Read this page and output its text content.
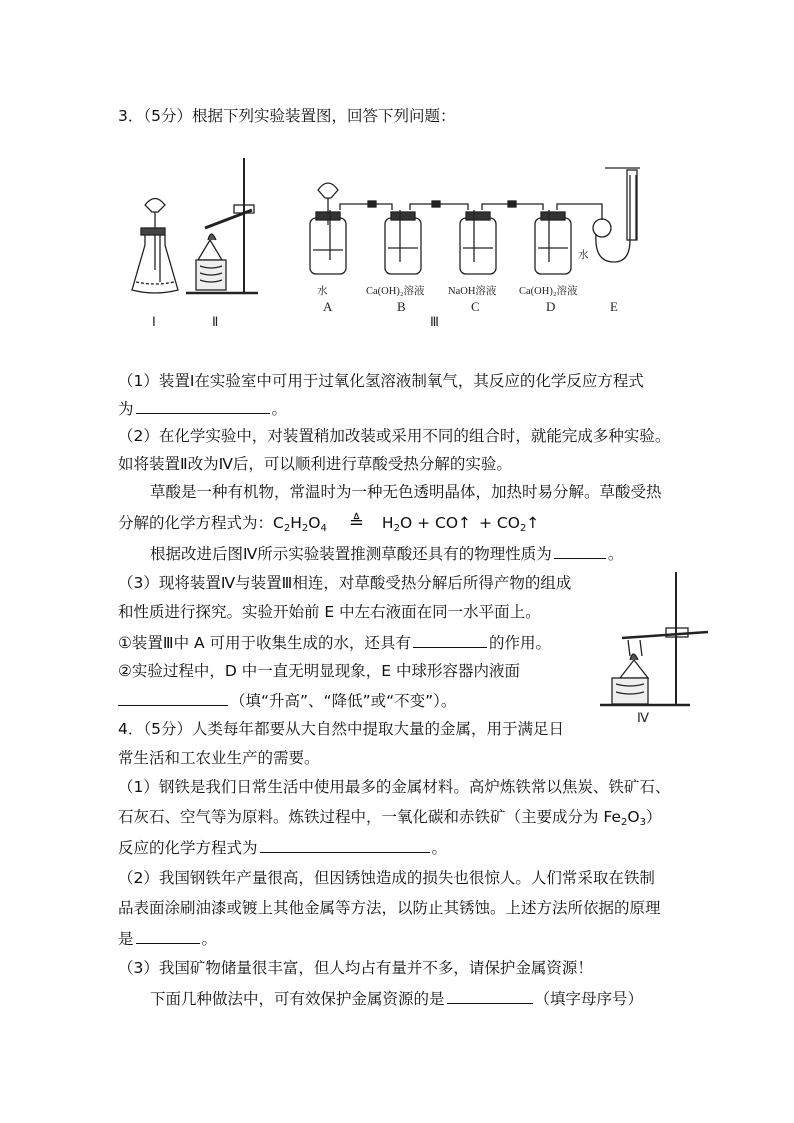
3．（5分）根据下列实验装置图，回答下列问题：
Ⅰ	Ⅱ	Ⅲ
A	B	C	D	E
水	Ca(OH)₂溶液 NaOH溶液 Ca(OH)₂溶液
水
Ⅳ
（1）装置Ⅰ在实验室中可用于过氧化氢溶液制氧气，其反应的化学反应方程式
为	。
（2）在化学实验中，对装置稍加改装或采用不同的组合时，就能完成多种实验。
如将装置Ⅱ改为Ⅳ后，可以顺利进行草酸受热分解的实验。
草酸是一种有机物，常温时为一种无色透明晶体，加热时易分解。草酸受热
分解的化学方程式为：$C_2H_2O_4$ ≜ $H_2O$ + CO↑ + $CO_2↑$
根据改进后图Ⅳ所示实验装置推测草酸还具有的物理性质为	。
（3）现将装置Ⅳ与装置Ⅲ相连，对草酸受热分解后所得产物的组成
和性质进行探究。实验开始前 E 中左右液面在同一水平面上。
①装置Ⅲ中 A 可用于收集生成的水，还具有	的作用。
②实验过程中，D 中一直无明显现象，E 中球形容器内液面
（填“升高”、“降低”或“不变”）。
4．（5分）人类每年都要从大自然中提取大量的金属，用于满足日
常生活和工农业生产的需要。
（1）钢铁是我们日常生活中使用最多的金属材料。高炉炼铁常以焦炭、铁矿石、
石灰石、空气等为原料。炼铁过程中，一氧化碳和赤铁矿（主要成分为 $Fe_2O_3$）
反应的化学方程式为	。
（2）我国钢铁年产量很高，但因锈蚀造成的损失也很惊人。人们常采取在铁制
品表面涂刷油漆或镀上其他金属等方法，以防止其锈蚀。上述方法所依据的原理
是	。
（3）我国矿物储量很丰富，但人均占有量并不多，请保护金属资源！
下面几种做法中，可有效保护金属资源的是	（填字母序号）
